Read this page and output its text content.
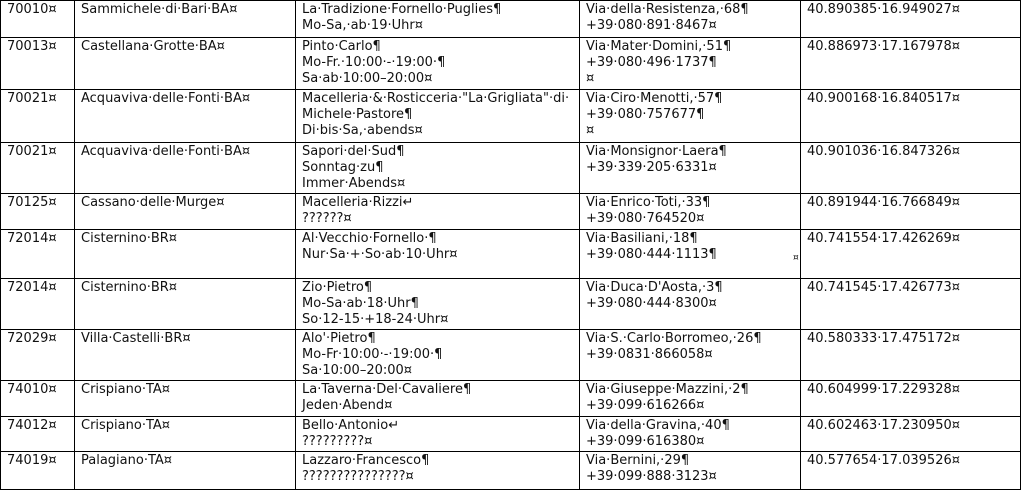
70010¤	Sammichele·di·Bari·BA¤	La·Tradizione·Fornello·Puglies¶
Mo-Sa,·ab·19·Uhr¤	Via·della·Resistenza,·68¶
+39·080·891·8467¤	40.890385·16.949027¤

70013¤	Castellana·Grotte·BA¤	Pinto·Carlo¶
Mo-Fr.·10:00·-·19:00·¶
Sa·ab·10:00–20:00¤	Via·Mater·Domini,·51¶
+39·080·496·1737¶
¤	40.886973·17.167978¤

70021¤	Acquaviva·delle·Fonti·BA¤	Macelleria·&·Rosticceria·"La·Grigliata"·di·
Michele·Pastore¶
Di·bis·Sa,·abends¤	Via·Ciro·Menotti,·57¶
+39·080·757677¶
¤	40.900168·16.840517¤

70021¤	Acquaviva·delle·Fonti·BA¤	Sapori·del·Sud¶
Sonntag·zu¶
Immer·Abends¤	Via·Monsignor·Laera¶
+39·339·205·6331¤	40.901036·16.847326¤

70125¤	Cassano·delle·Murge¤	Macelleria·Rizzi↵
??????¤	Via·Enrico·Toti,·33¶
+39·080·764520¤	40.891944·16.766849¤

72014¤	Cisternino·BR¤	Al·Vecchio·Fornello·¶
Nur·Sa·+·So·ab·10·Uhr¤	Via·Basiliani,·18¶
+39·080·444·1113¶	40.741554·17.426269¤

72014¤	Cisternino·BR¤	Zio·Pietro¶
Mo-Sa·ab·18·Uhr¶
So·12-15·+18-24·Uhr¤	Via·Duca·D'Aosta,·3¶
+39·080·444·8300¤	40.741545·17.426773¤

72029¤	Villa·Castelli·BR¤	Alo'·Pietro¶
Mo-Fr·10:00·-·19:00·¶
Sa·10:00–20:00¤	Via·S.·Carlo·Borromeo,·26¶
+39·0831·866058¤	40.580333·17.475172¤

74010¤	Crispiano·TA¤	La·Taverna·Del·Cavaliere¶
Jeden·Abend¤	Via·Giuseppe·Mazzini,·2¶
+39·099·616266¤	40.604999·17.229328¤

74012¤	Crispiano·TA¤	Bello·Antonio↵
?????????¤	Via·della·Gravina,·40¶
+39·099·616380¤	40.602463·17.230950¤

74019¤	Palagiano·TA¤	Lazzaro·Francesco¶
???????????????¤	Via·Bernini,·29¶
+39·099·888·3123¤	40.577654·17.039526¤
¤
